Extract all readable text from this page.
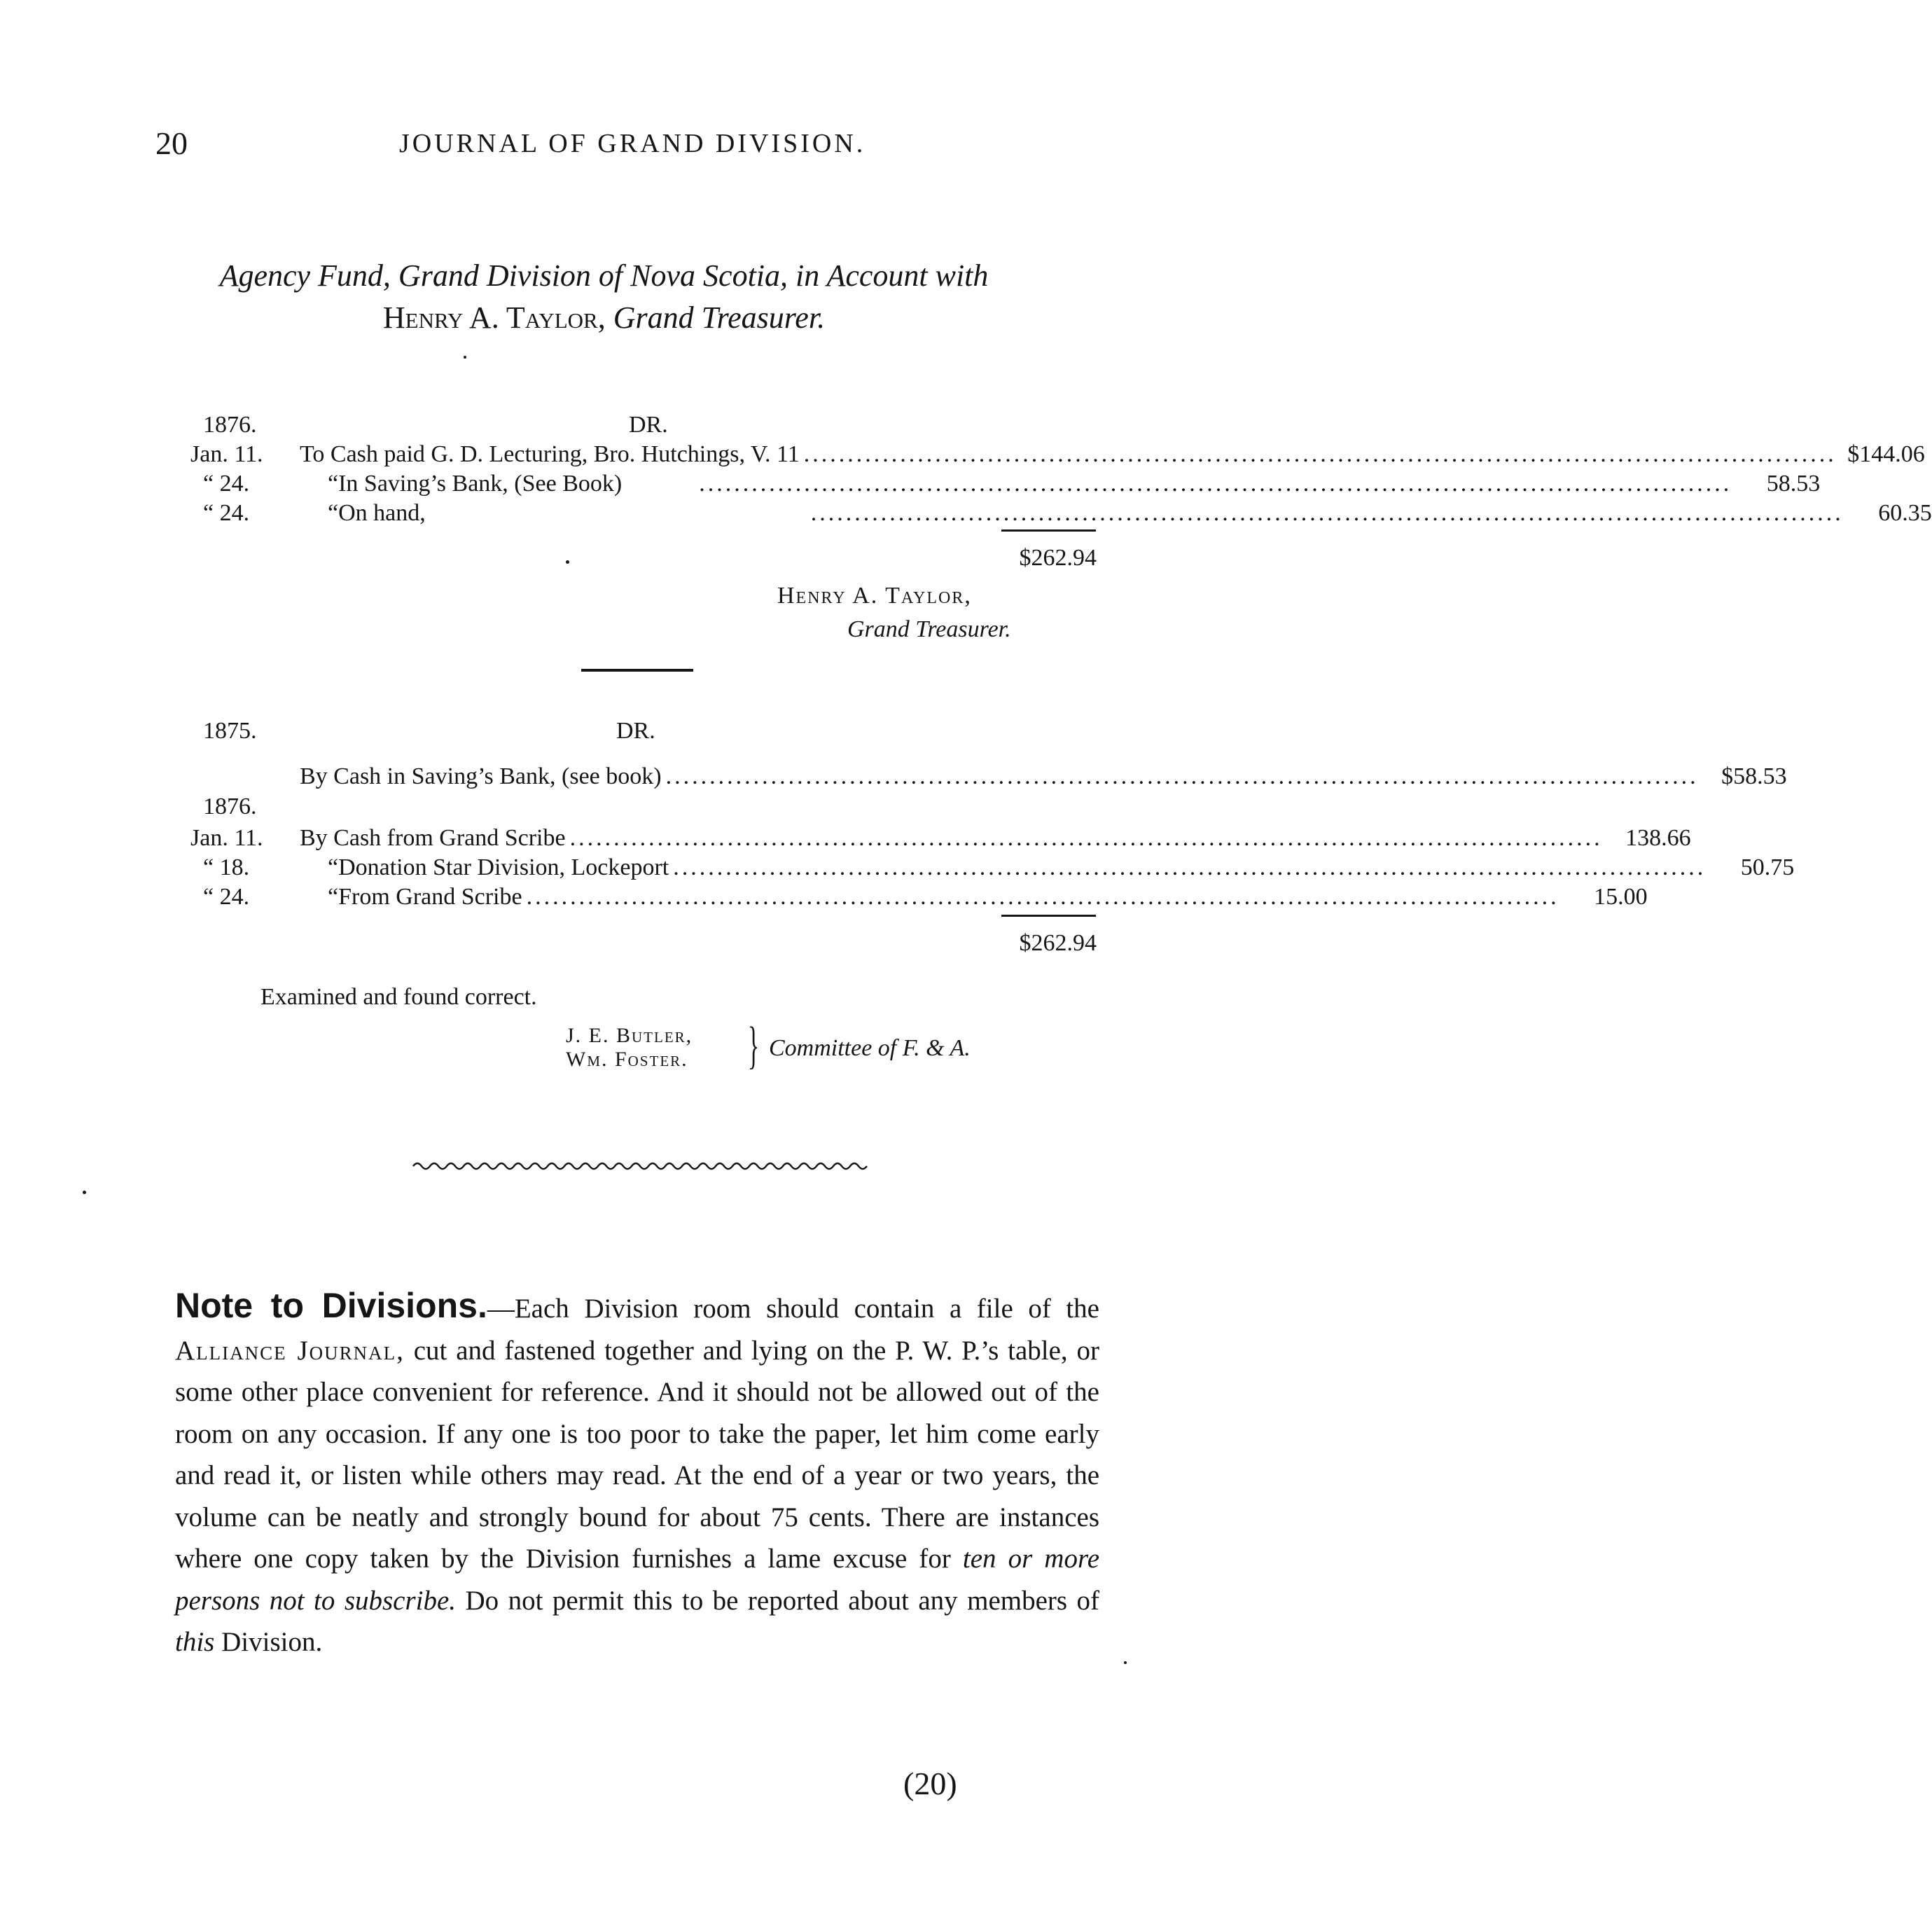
20	JOURNAL OF GRAND DIVISION.
Agency Fund, Grand Division of Nova Scotia, in Account with
Henry A. Taylor, Grand Treasurer.
1876.	DR.
Jan. 11. To Cash paid G. D. Lecturing, Bro. Hutchings, V. 11 ...................................................................................................................... $144.06
“ 24.	“ In Saving’s Bank, (See Book)	......................................................................................................................	58.53
“ 24.	“ On hand,	......................................................................................................................	60.35
$262.94
Henry A. Taylor,
Grand Treasurer.
1875.	DR.
By Cash in Saving’s Bank, (see book) ...................................................................................................................... $58.53
1876.
Jan. 11. By Cash from Grand Scribe ...................................................................................................................... 138.66
“ 18.	“ Donation Star Division, Lockeport ......................................................................................................................	50.75
“ 24.	“ From Grand Scribe ......................................................................................................................	15.00
$262.94
Examined and found correct.
J. E. Butler,
Wm. Foster. } Committee of F. & A.
Note to Divisions.—Each Division room should contain a file of the Alliance Journal, cut and fastened together and lying on the P. W. P.’s table, or some other place convenient for reference. And it should not be allowed out of the room on any occasion. If any one is too poor to take the paper, let him come early and read it, or listen while others may read. At the end of a year or two years, the volume can be neatly and strongly bound for about 75 cents. There are instances where one copy taken by the Division furnishes a lame excuse for ten or more persons not to subscribe. Do not permit this to be reported about any members of this Division.
(20)
